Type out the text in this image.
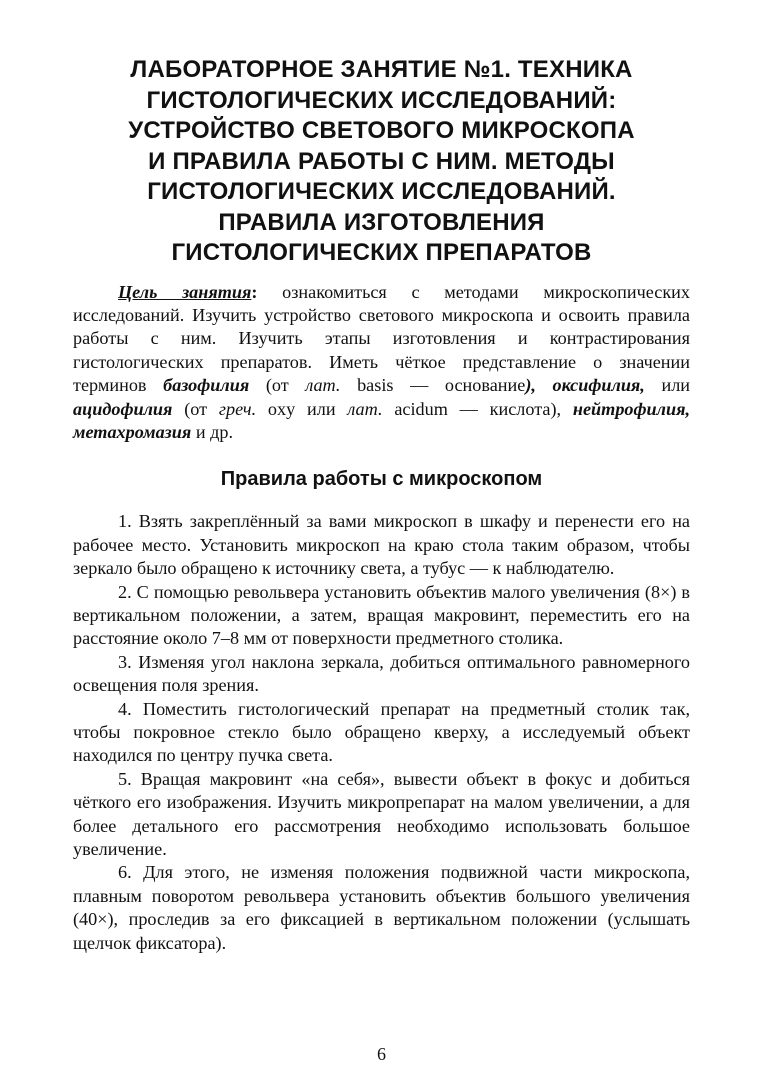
ЛАБОРАТОРНОЕ ЗАНЯТИЕ №1. ТЕХНИКА
ГИСТОЛОГИЧЕСКИХ ИССЛЕДОВАНИЙ:
УСТРОЙСТВО СВЕТОВОГО МИКРОСКОПА
И ПРАВИЛА РАБОТЫ С НИМ. МЕТОДЫ
ГИСТОЛОГИЧЕСКИХ ИССЛЕДОВАНИЙ.
ПРАВИЛА ИЗГОТОВЛЕНИЯ
ГИСТОЛОГИЧЕСКИХ ПРЕПАРАТОВ

Цель занятия: ознакомиться с методами микроскопических исследований. Изучить устройство светового микроскопа и освоить правила работы с ним. Изучить этапы изготовления и контрастирования гистологических препаратов. Иметь чёткое представление о значении терминов базофилия (от лат. basis — основание), оксифилия, или ацидофилия (от греч. oxy или лат. acidum — кислота), нейтрофилия, метахромазия и др.

Правила работы с микроскопом

1. Взять закреплённый за вами микроскоп в шкафу и перенести его на рабочее место. Установить микроскоп на краю стола таким образом, чтобы зеркало было обращено к источнику света, а тубус — к наблюдателю.

2. С помощью револьвера установить объектив малого увеличения (8×) в вертикальном положении, а затем, вращая макровинт, переместить его на расстояние около 7–8 мм от поверхности предметного столика.

3. Изменяя угол наклона зеркала, добиться оптимального равномерного освещения поля зрения.

4. Поместить гистологический препарат на предметный столик так, чтобы покровное стекло было обращено кверху, а исследуемый объект находился по центру пучка света.

5. Вращая макровинт «на себя», вывести объект в фокус и добиться чёткого его изображения. Изучить микропрепарат на малом увеличении, а для более детального его рассмотрения необходимо использовать большое увеличение.

6. Для этого, не изменяя положения подвижной части микроскопа, плавным поворотом револьвера установить объектив большого увеличения (40×), проследив за его фиксацией в вертикальном положении (услышать щелчок фиксатора).

6
